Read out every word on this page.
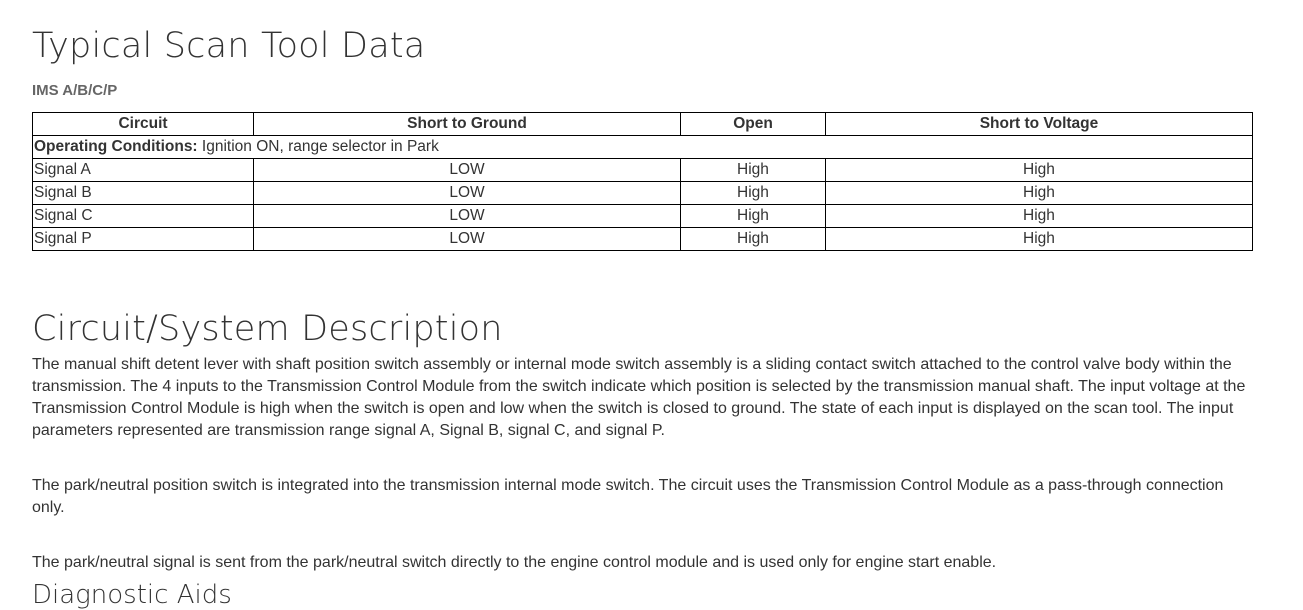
Typical Scan Tool Data
IMS A/B/C/P
Circuit	Short to Ground	Open	Short to Voltage
Operating Conditions: Ignition ON, range selector in Park			
Signal A	LOW	High	High
Signal B	LOW	High	High
Signal C	LOW	High	High
Signal P	LOW	High	High
Circuit/System Description

The manual shift detent lever with shaft position switch assembly or internal mode switch assembly is a sliding contact switch attached to the control valve body within the transmission. The 4 inputs to the Transmission Control Module from the switch indicate which position is selected by the transmission manual shaft. The input voltage at the Transmission Control Module is high when the switch is open and low when the switch is closed to ground. The state of each input is displayed on the scan tool. The input parameters represented are transmission range signal A, Signal B, signal C, and signal P.

The park/neutral position switch is integrated into the transmission internal mode switch. The circuit uses the Transmission Control Module as a pass-through connection only.

The park/neutral signal is sent from the park/neutral switch directly to the engine control module and is used only for engine start enable.

Diagnostic Aids
